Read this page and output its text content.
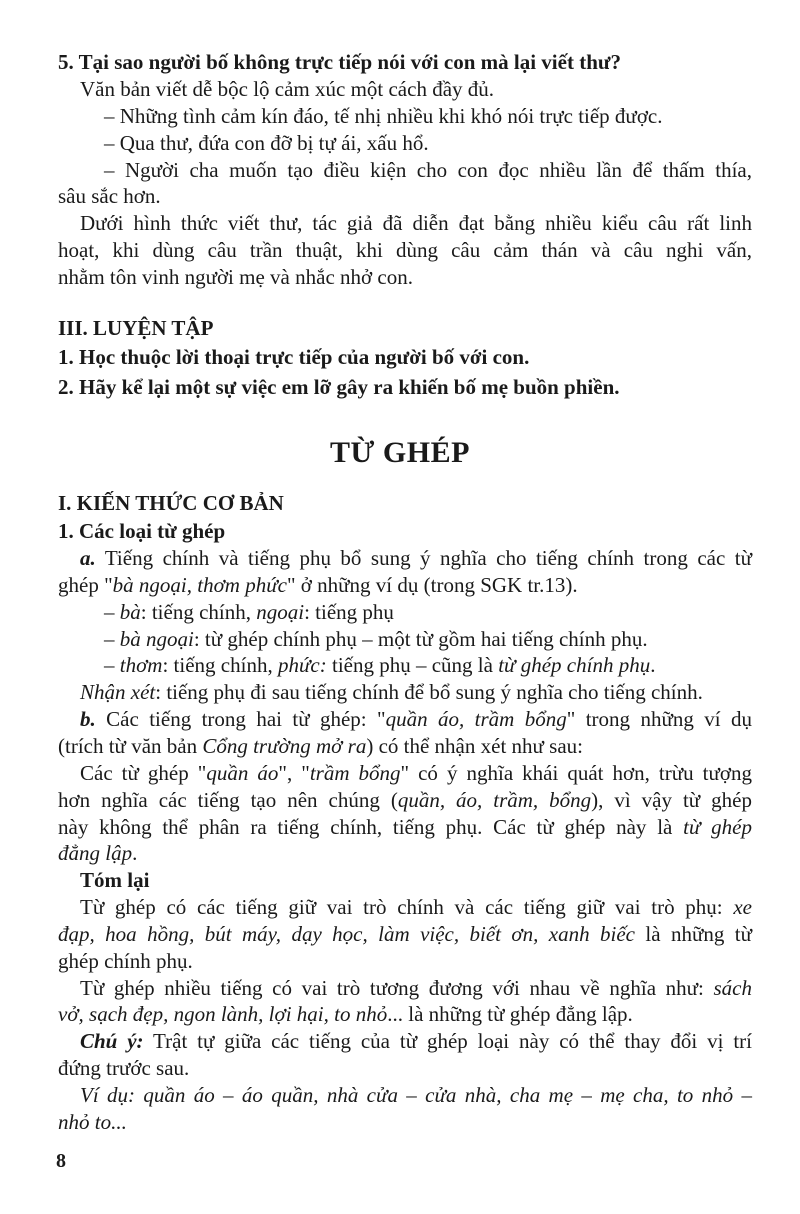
5. Tại sao người bố không trực tiếp nói với con mà lại viết thư?
Văn bản viết dễ bộc lộ cảm xúc một cách đầy đủ.
– Những tình cảm kín đáo, tế nhị nhiều khi khó nói trực tiếp được.
– Qua thư, đứa con đỡ bị tự ái, xấu hổ.
– Người cha muốn tạo điều kiện cho con đọc nhiều lần để thấm thía,
sâu sắc hơn.
Dưới hình thức viết thư, tác giả đã diễn đạt bằng nhiều kiểu câu rất linh
hoạt, khi dùng câu trần thuật, khi dùng câu cảm thán và câu nghi vấn,
nhằm tôn vinh người mẹ và nhắc nhở con.
III. LUYỆN TẬP
1. Học thuộc lời thoại trực tiếp của người bố với con.
2. Hãy kể lại một sự việc em lỡ gây ra khiến bố mẹ buồn phiền.
TỪ GHÉP
I. KIẾN THỨC CƠ BẢN
1. Các loại từ ghép
a. Tiếng chính và tiếng phụ bổ sung ý nghĩa cho tiếng chính trong các từ
ghép "bà ngoại, thơm phức" ở những ví dụ (trong SGK tr.13).
– bà: tiếng chính, ngoại: tiếng phụ
– bà ngoại: từ ghép chính phụ – một từ gồm hai tiếng chính phụ.
– thơm: tiếng chính, phức: tiếng phụ – cũng là từ ghép chính phụ.
Nhận xét: tiếng phụ đi sau tiếng chính để bổ sung ý nghĩa cho tiếng chính.
b. Các tiếng trong hai từ ghép: "quần áo, trầm bổng" trong những ví dụ
(trích từ văn bản Cổng trường mở ra) có thể nhận xét như sau:
Các từ ghép "quần áo", "trầm bổng" có ý nghĩa khái quát hơn, trừu tượng
hơn nghĩa các tiếng tạo nên chúng (quần, áo, trầm, bổng), vì vậy từ ghép
này không thể phân ra tiếng chính, tiếng phụ. Các từ ghép này là từ ghép
đẳng lập.
Tóm lại
Từ ghép có các tiếng giữ vai trò chính và các tiếng giữ vai trò phụ: xe
đạp, hoa hồng, bút máy, dạy học, làm việc, biết ơn, xanh biếc là những từ
ghép chính phụ.
Từ ghép nhiều tiếng có vai trò tương đương với nhau về nghĩa như: sách
vở, sạch đẹp, ngon lành, lợi hại, to nhỏ... là những từ ghép đẳng lập.
Chú ý: Trật tự giữa các tiếng của từ ghép loại này có thể thay đổi vị trí
đứng trước sau.
Ví dụ: quần áo – áo quần, nhà cửa – cửa nhà, cha mẹ – mẹ cha, to nhỏ –
nhỏ to...
8
